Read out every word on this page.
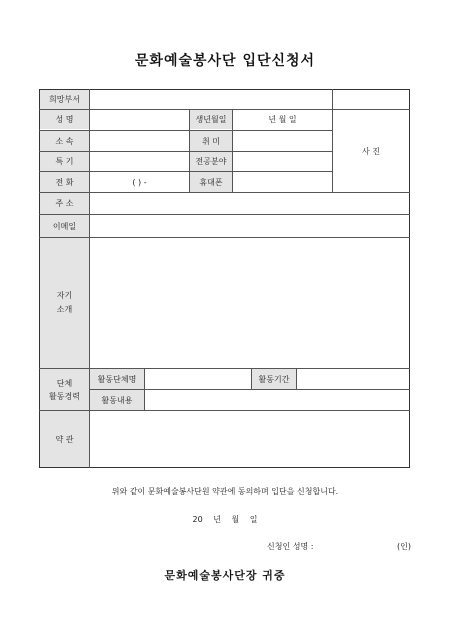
문화예술봉사단 입단신청서
희망부서
성 명
소 속
특 기
전 화
주 소
이메일
자기
소개
단체
활동경력
약 관
생년월일
취 미
전공분야
휴대폰
활동단체명	활동기간
활동내용
년 월 일
( ) -
사 진
위와 같이 문화예술봉사단원 약관에 동의하며 입단을 신청합니다.
20 년 월 일
신청인 성명 :	(인)
문화예술봉사단장 귀중
